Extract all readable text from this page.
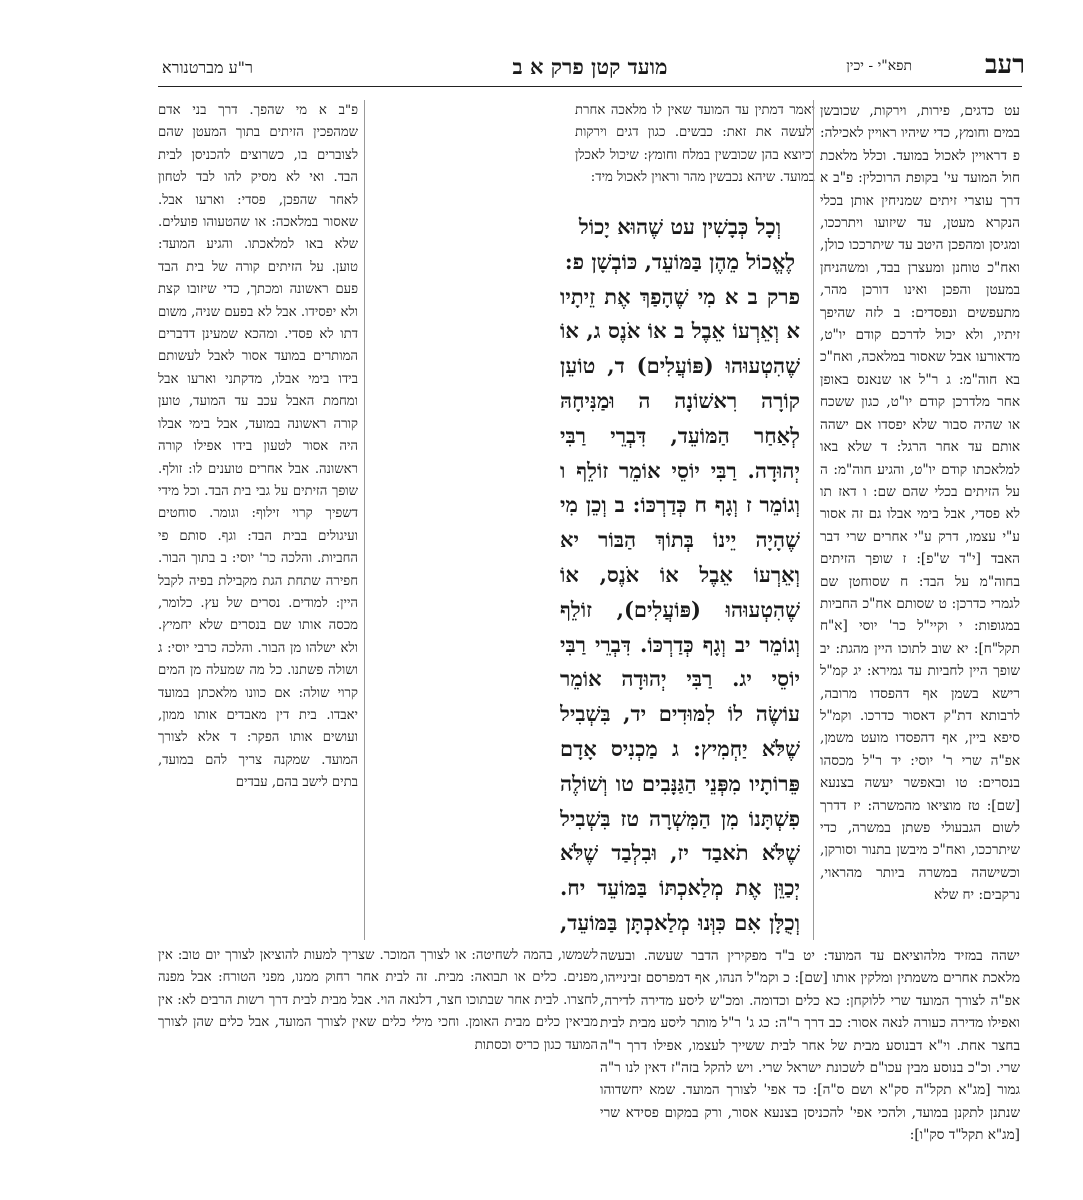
רעב
תפא"י - יכין
מועד קטן פרק א ב
ר"ע מברטנורא

עט כדגים, פירות, וירקות, שכובשן במים וחומץ, כדי שיהיו ראויין לאכילה: פ דראויין לאכול במועד. וכלל מלאכת חול המועד עי' בקופת הרוכלין: פ"ב א דרך עוצרי זיתים שמניחין אותן בכלי הנקרא מעטן, עד שיזועו ויתרככו, ומגיסן ומהפכן היטב עד שיתרככו כולן, ואח"כ טוחנן ומעצרן בבד, ומשהניחן במעטן והפכן ואינו דורכן מהר, מתעפשים ונפסדים: ב לזה שהיפך זיתיו, ולא יכול לדרכם קודם יו"ט, מדאורעו אבל שאסור במלאכה, ואח"כ בא חוה"מ: ג ר"ל או שנאנס באופן אחר מלדרכן קודם יו"ט, כגון ששכח או שהיה סבור שלא יפסדו אם ישהה אותם עד אחר הרגל: ד שלא באו למלאכתו קודם יו"ט, והגיע חוה"מ: ה על הזיתים בכלי שהם שם: ו דאז תו לא פסדי, אבל בימי אבלו גם זה אסור ע"י עצמו, דרק ע"י אחרים שרי דבר האבד [י"ד ש"פ]: ז שופך הזיתים בחוה"מ על הבד: ח שסוחטן שם לגמרי כדרכן: ט שסותם אח"כ החביות במגופות: י וקיי"ל כר' יוסי [א"ח תקל"ח]: יא שוב לתוכו היין מהגת: יב שופך היין לחביות עד גמירא: יג קמ"ל רישא בשמן אף דהפסדו מרובה, לרבותא דת"ק דאסור כדרכו. וקמ"ל סיפא ביין, אף דהפסדו מועט משמן, אפ"ה שרי ר' יוסי: יד ר"ל מכסהו בנסרים: טו ובאפשר יעשה בצנעא [שם]: טז מוציאו מהמשרה: יז דדרך לשום הגבעולי פשתן במשרה, כדי שיתרככו, ואח"כ מיבשן בתנור וסורקן, וכשישהה במשרה ביותר מהראוי, נרקבים: יח שלא

יאמר דמתין עד המועד שאין לו מלאכה אחרת ולעשה את זאת: כבשים. כגון דגים וירקות וכיוצא בהן שכובשין במלח וחומץ: שיכול לאכלן במועד. שיהא נכבשין מהר וראוין לאכול מיד:

וְכָל כְּבָשִׁין עט שֶׁהוּא יָכוֹל לֶאֱכוֹל מֵהֶן בַּמּוֹעֵד, כּוֹבְשָׁן פ:

פרק ב א מִי שֶׁהָפַךְ אֶת זֵיתָיו א וְאֵרְעוֹ אֵבֶל ב אוֹ אֹנֶס ג, אוֹ שֶׁהִטְעוּהוּ (פּוֹעֲלִים) ד, טוֹעֵן קוֹרָה רִאשׁוֹנָה ה וּמַנִּיחָהּ לְאַחַר הַמּוֹעֵד, דִּבְרֵי רַבִּי יְהוּדָה. רַבִּי יוֹסֵי אוֹמֵר זוֹלֵף ו וְגוֹמֵר ז וְגָף ח כְּדַרְכּוֹ: ב וְכֵן מִי שֶׁהָיָה יֵינוֹ בְּתוֹךְ הַבּוֹר יא וְאֵרְעוֹ אֵבֶל אוֹ אֹנֶס, אוֹ שֶׁהִטְעוּהוּ (פּוֹעֲלִים), זוֹלֵף וְגוֹמֵר יב וְגָף כְּדַרְכּוֹ. דִּבְרֵי רַבִּי יוֹסֵי יג. רַבִּי יְהוּדָה אוֹמֵר עוֹשֶׂה לוֹ לִמּוּדִים יד, בִּשְׁבִיל שֶׁלֹּא יַחְמִיץ: ג מַכְנִיס אָדָם פֵּרוֹתָיו מִפְּנֵי הַגַּנָּבִים טו וְשׁוֹלֶה פִשְׁתָּנוֹ מִן הַמִּשְׁרָה טז בִּשְׁבִיל שֶׁלֹּא תֹאבַד יז, וּבִלְבַד שֶׁלֹּא יְכַוֵּן אֶת מְלַאכְתּוֹ בַּמּוֹעֵד יח. וְכֻלָּן אִם כִּוְּנוּ מְלַאכְתָּן בַּמּוֹעֵד,

פ"ב א מי שהפך. דרך בני אדם שמהפכין הזיתים בתוך המעטן שהם לצוברים בו, כשרוצים להכניסן לבית הבד. ואי לא מסיק להו לבד לטחון לאחר שהפכן, פסדי: וארעו אבל. שאסור במלאכה: או שהטעוהו פועלים. שלא באו למלאכתו. והגיע המועד: טוען. על הזיתים קורה של בית הבד פעם ראשונה ומכתך, כדי שיזובו קצת ולא יפסידו. אבל לא בפעם שניה, משום דתו לא פסדי. ומהכא שמעינן דדברים המותרים במועד אסור לאבל לעשותם בידו בימי אבלו, מדקתני וארעו אבל ומחמת האבל עכב עד המועד, טוען קורה ראשונה במועד, אבל בימי אבלו היה אסור לטעון בידו אפילו קורה ראשונה. אבל אחרים טוענים לו: זולף. שופך הזיתים על גבי בית הבד. וכל מידי דשפיך קרוי זילוף: וגומר. סוחטים ועיגולים בבית הבד: וגף. סותם פי החביות. והלכה כר' יוסי: ב בתוך הבור. חפירה שתחת הגת מקבילת בפיה לקבל היין: למודים. נסרים של עץ. כלומר, מכסה אותו שם בנסרים שלא יחמיץ. ולא ישלהו מן הבור. והלכה כרבי יוסי: ג ושולה פשתנו. כל מה שמעלה מן המים קרוי שולה: אם כוונו מלאכתן במועד יאבדו. בית דין מאבדים אותו ממון, ועושים אותו הפקר: ד אלא לצורך המועד. שמקנה צריך להם במועד, בתים לישב בהם, עבדים

ישהה במזיד מלהוציאם עד המועד: יט ב"ד מפקירין הדבר שעשה. ובעשה מלאכת אחרים משמתין ומלקין אותו [שם]: כ וקמ"ל הנהו, אף דמפרסם זבינייהו, אפ"ה לצורך המועד שרי ללוקחן: כא כלים וכדומה. ומכ"ש ליסע מדירה לדירה, ואפילו מדירה כעורה לנאה אסור: כב דרך ר"ה: כג ג' ר"ל מותר ליסע מבית לבית בחצר אחת. וי"א דבנוסע מבית של אחר לבית ששייך לעצמו, אפילו דרך ר"ה שרי. וכ"כ בנוסע מבין עכו"ם לשכונת ישראל שרי. ויש להקל בזה"ז דאין לנו ר"ה גמור [מג"א תקל"ה סק"א ושם ס"ה]: כד אפי' לצורך המועד. שמא יחשדוהו שנתנן לתקנן במועד, ולהכי אפי' להכניסן בצנעא אסור, ורק במקום פסידא שרי [מג"א תקל"ד סק"ו]:

לשמשו, בהמה לשחיטה: או לצורך המוכר. שצריך למעות להוציאן לצורך יום טוב: אין מפנים. כלים או תבואה: מבית. זה לבית אחר רחוק ממנו, מפני הטורח: אבל מפנה לחצרו. לבית אחר שבתוכו חצר, דלנאה הוי. אבל מבית לבית דרך רשות הרבים לא: אין מביאין כלים מבית האומן. וחכי מילי כלים שאין לצורך המועד, אבל כלים שהן לצורך המועד כגון כריס וכסתות
